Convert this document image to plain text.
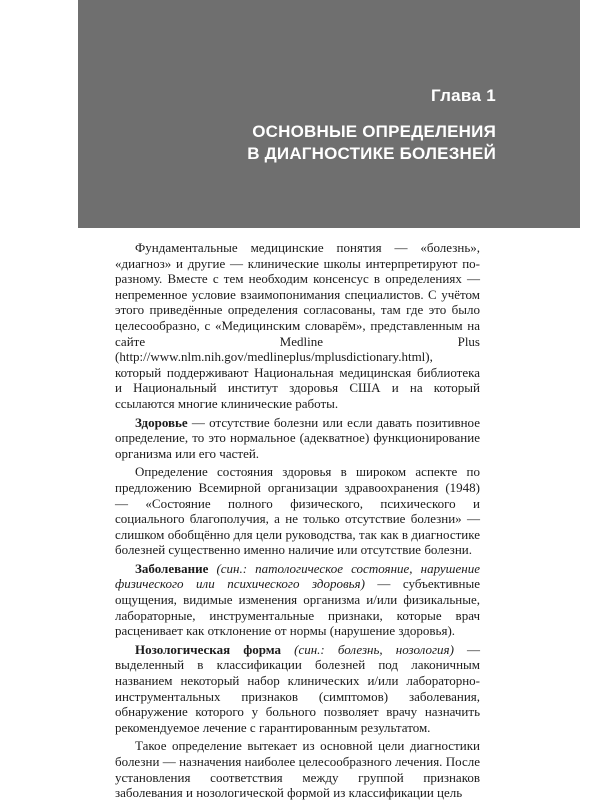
Глава 1
ОСНОВНЫЕ ОПРЕДЕЛЕНИЯ
В ДИАГНОСТИКЕ БОЛЕЗНЕЙ

Фундаментальные медицинские понятия — «болезнь», «диагноз» и другие — клинические школы интерпретируют по-разному. Вместе с тем необходим консенсус в определениях — непременное условие взаимопонимания специалистов. С учётом этого приведённые определения согласованы, там где это было целесообразно, с «Медицинским словарём», представленным на сайте Medline Plus (http://www.nlm.nih.gov/medlineplus/mplusdictionary.html), который поддерживают Национальная медицинская библиотека и Национальный институт здоровья США и на который ссылаются многие клинические работы.

Здоровье — отсутствие болезни или если давать позитивное определение, то это нормальное (адекватное) функционирование организма или его частей.

Определение состояния здоровья в широком аспекте по предложению Всемирной организации здравоохранения (1948) — «Состояние полного физического, психического и социального благополучия, а не только отсутствие болезни» — слишком обобщённо для цели руководства, так как в диагностике болезней существенно именно наличие или отсутствие болезни.

Заболевание (син.: патологическое состояние, нарушение физического или психического здоровья) — субъективные ощущения, видимые изменения организма и/или физикальные, лабораторные, инструментальные признаки, которые врач расценивает как отклонение от нормы (нарушение здоровья).

Нозологическая форма (син.: болезнь, нозология) — выделенный в классификации болезней под лаконичным названием некоторый набор клинических и/или лабораторно-инструментальных признаков (симптомов) заболевания, обнаружение которого у больного позволяет врачу назначить рекомендуемое лечение с гарантированным результатом.

Такое определение вытекает из основной цели диагностики болезни — назначения наиболее целесообразного лечения. После установления соответствия между группой признаков заболевания и нозологической формой из классификации цель
